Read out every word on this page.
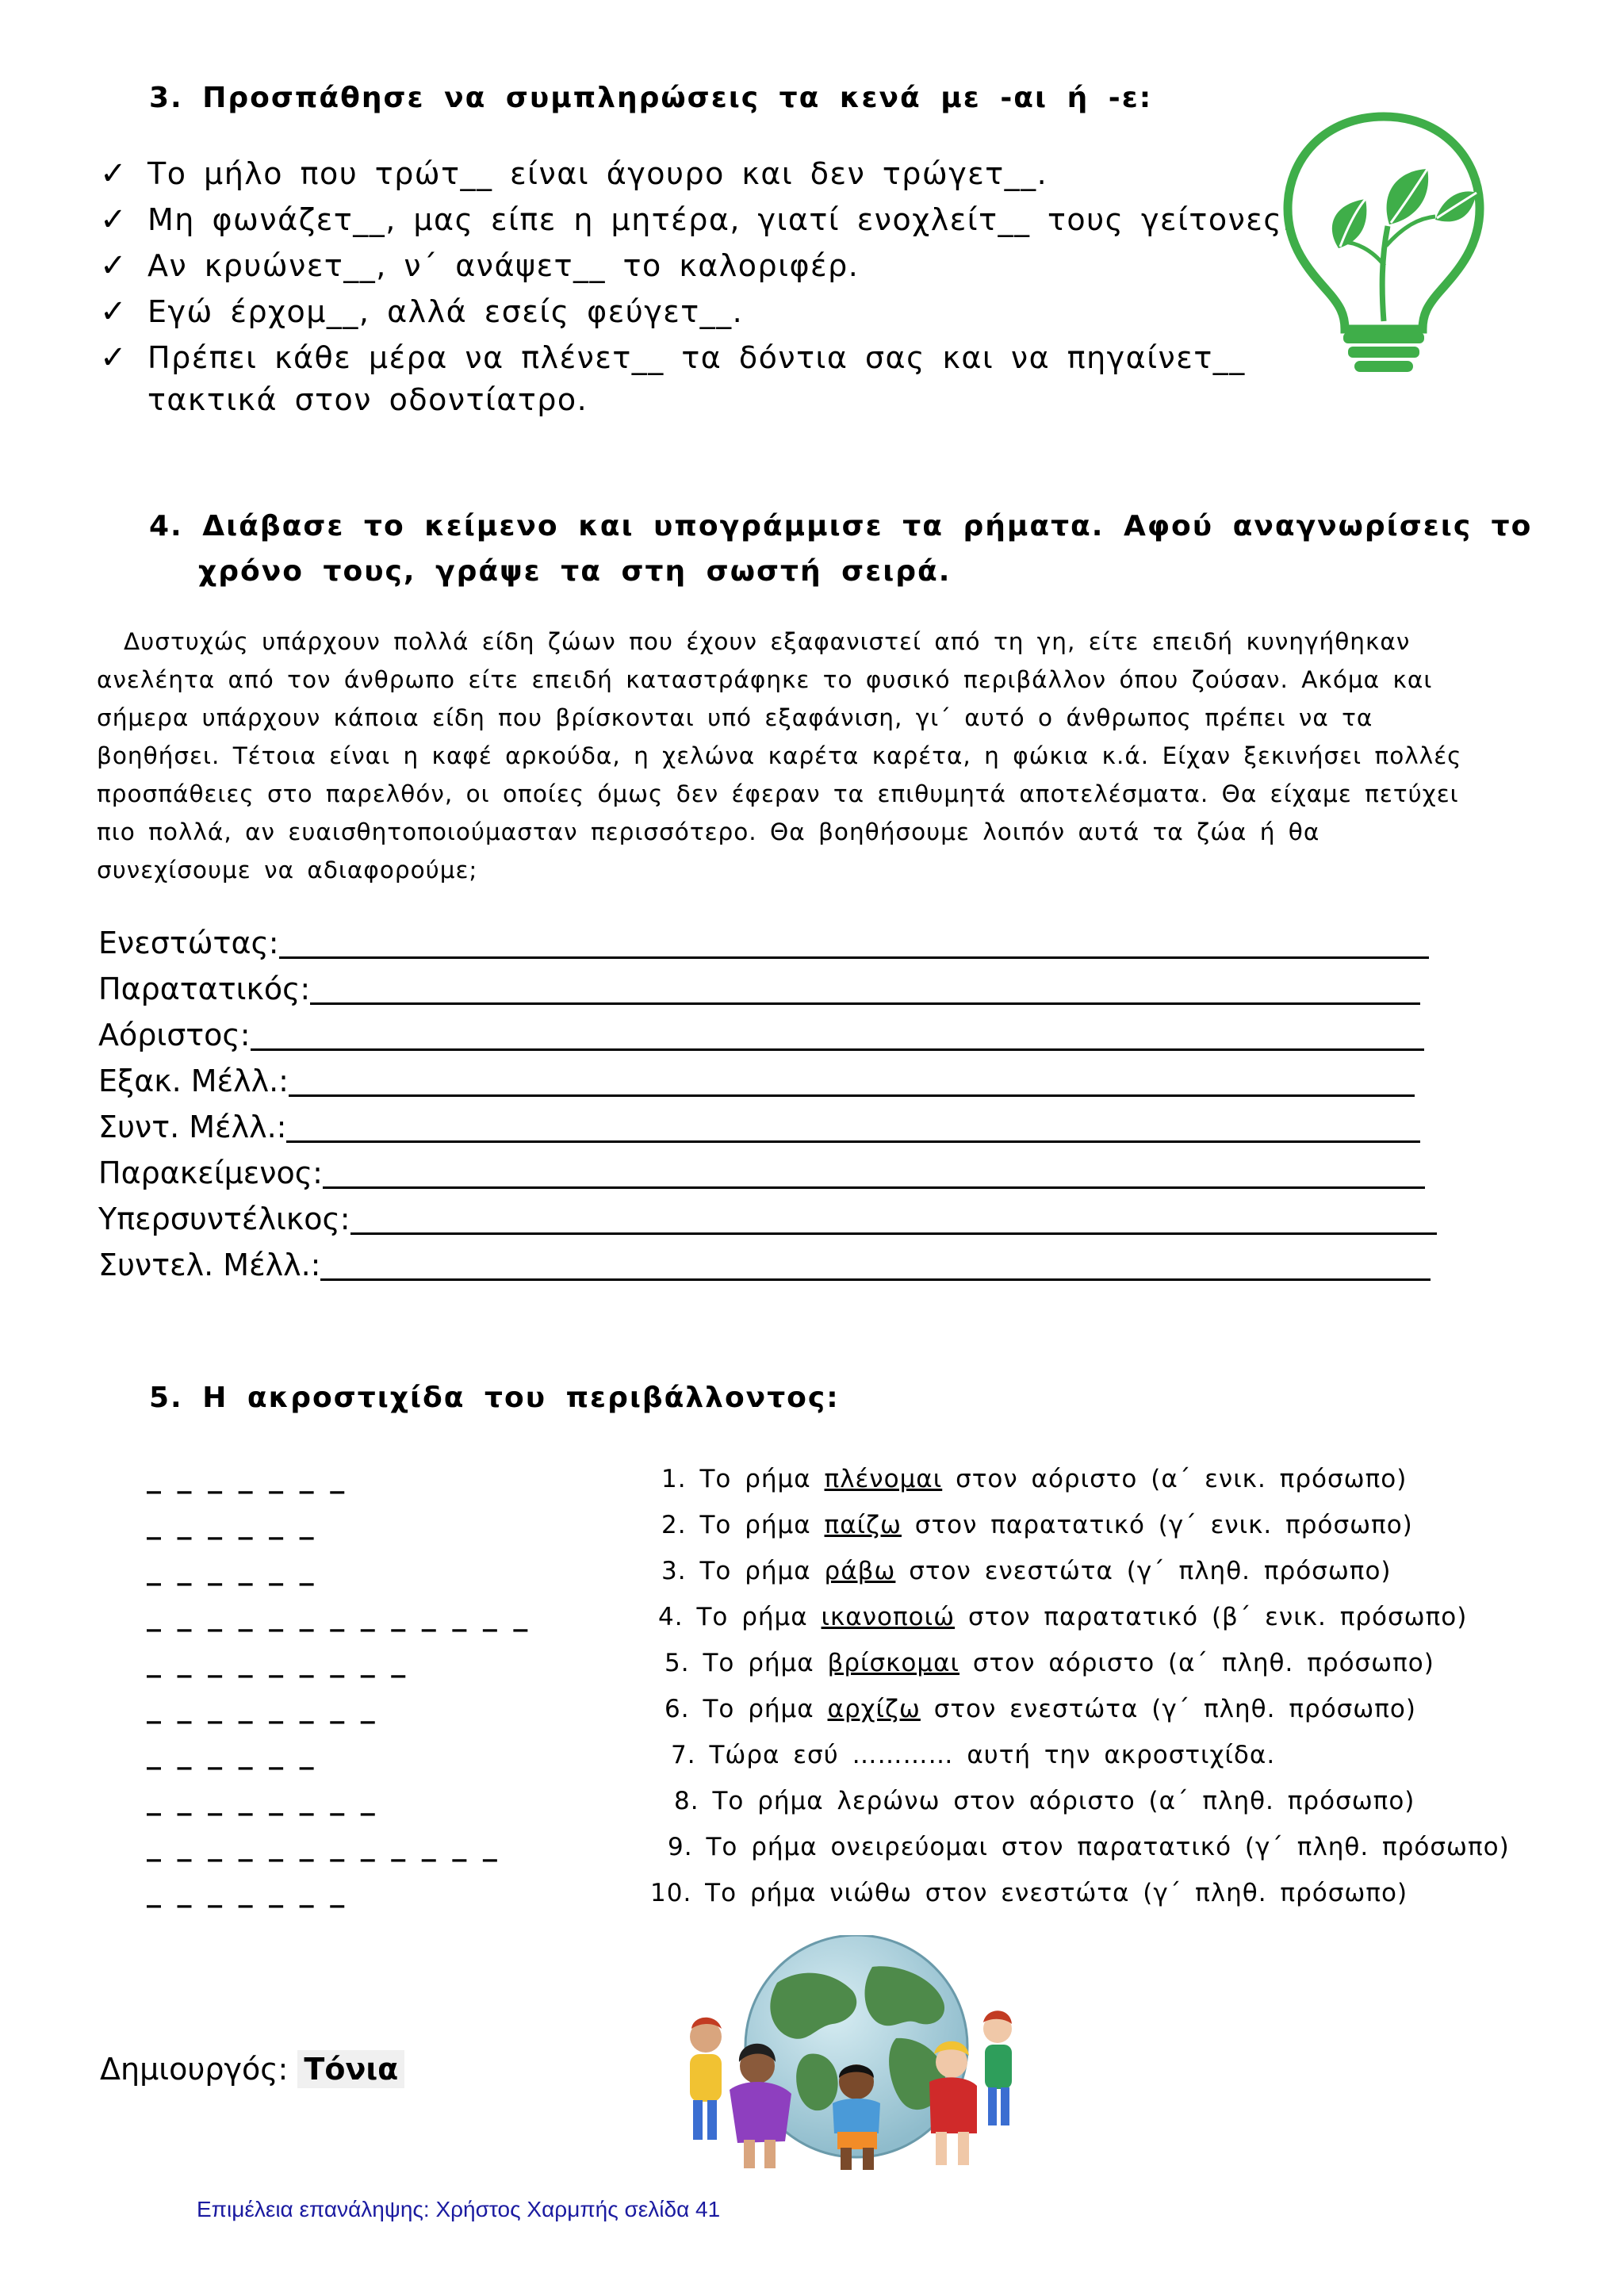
3. Προσπάθησε να συμπληρώσεις τα κενά με -αι ή -ε:
✓ Το μήλο που τρώτ__ είναι άγουρο και δεν τρώγετ__.
✓ Μη φωνάζετ__, μας είπε η μητέρα, γιατί ενοχλείτ__ τους γείτονες.
✓ Αν κρυώνετ__, ν΄ ανάψετ__ το καλοριφέρ.
✓ Εγώ έρχομ__, αλλά εσείς φεύγετ__.
✓ Πρέπει κάθε μέρα να πλένετ__ τα δόντια σας και να πηγαίνετ__
τακτικά στον οδοντίατρο.
4. Διάβασε το κείμενο και υπογράμμισε τα ρήματα. Αφού αναγνωρίσεις το
χρόνο τους, γράψε τα στη σωστή σειρά.
Δυστυχώς υπάρχουν πολλά είδη ζώων που έχουν εξαφανιστεί από τη γη, είτε επειδή κυνηγήθηκαν
ανελέητα από τον άνθρωπο είτε επειδή καταστράφηκε το φυσικό περιβάλλον όπου ζούσαν. Ακόμα και
σήμερα υπάρχουν κάποια είδη που βρίσκονται υπό εξαφάνιση, γι΄ αυτό ο άνθρωπος πρέπει να τα
βοηθήσει. Τέτοια είναι η καφέ αρκούδα, η χελώνα καρέτα καρέτα, η φώκια κ.ά. Είχαν ξεκινήσει πολλές
προσπάθειες στο παρελθόν, οι οποίες όμως δεν έφεραν τα επιθυμητά αποτελέσματα. Θα είχαμε πετύχει
πιο πολλά, αν ευαισθητοποιούμασταν περισσότερο. Θα βοηθήσουμε λοιπόν αυτά τα ζώα ή θα
συνεχίσουμε να αδιαφορούμε;
Ενεστώτας:
Παρατατικός:
Αόριστος:
Εξακ. Μέλλ.:
Συντ. Μέλλ.:
Παρακείμενος:
Υπερσυντέλικος:
Συντελ. Μέλλ.:
5. Η ακροστιχίδα του περιβάλλοντος:
_ _ _ _ _ _ _
_ _ _ _ _ _
_ _ _ _ _ _
_ _ _ _ _ _ _ _ _ _ _ _ _
_ _ _ _ _ _ _ _ _
_ _ _ _ _ _ _ _
_ _ _ _ _ _
_ _ _ _ _ _ _ _
_ _ _ _ _ _ _ _ _ _ _ _
_ _ _ _ _ _ _
1. Το ρήμα πλένομαι στον αόριστο (α΄ ενικ. πρόσωπο)
2. Το ρήμα παίζω στον παρατατικό (γ΄ ενικ. πρόσωπο)
3. Το ρήμα ράβω στον ενεστώτα (γ΄ πληθ. πρόσωπο)
4. Το ρήμα ικανοποιώ στον παρατατικό (β΄ ενικ. πρόσωπο)
5. Το ρήμα βρίσκομαι στον αόριστο (α΄ πληθ. πρόσωπο)
6. Το ρήμα αρχίζω στον ενεστώτα (γ΄ πληθ. πρόσωπο)
7. Τώρα εσύ ………… αυτή την ακροστιχίδα.
8. Το ρήμα λερώνω στον αόριστο (α΄ πληθ. πρόσωπο)
9. Το ρήμα ονειρεύομαι στον παρατατικό (γ΄ πληθ. πρόσωπο)
10. Το ρήμα νιώθω στον ενεστώτα (γ΄ πληθ. πρόσωπο)
Δημιουργός: Τόνια
Επιμέλεια επανάληψης: Χρήστος Χαρμπής σελίδα 41
